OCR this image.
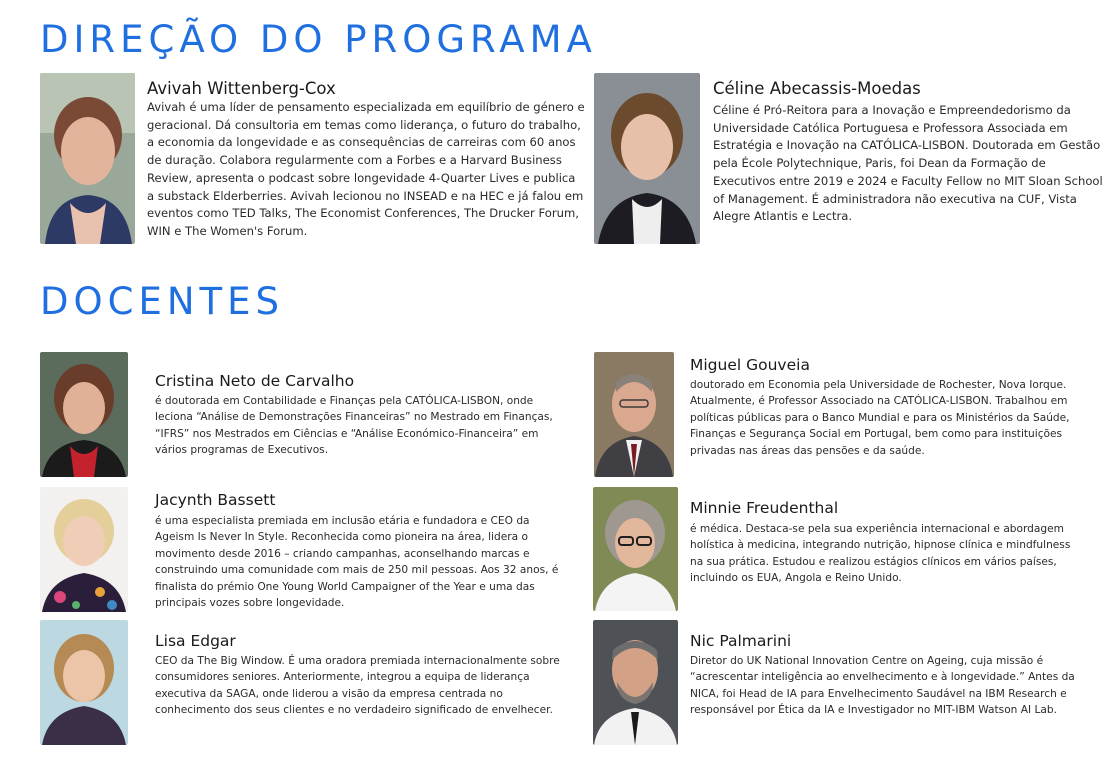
DIREÇÃO DO PROGRAMA
DOCENTES
Avivah Wittenberg-Cox

Avivah é uma líder de pensamento especializada em equilíbrio de género e geracional. Dá consultoria em temas como liderança, o futuro do trabalho, a economia da longevidade e as consequências de carreiras com 60 anos de duração. Colabora regularmente com a Forbes e a Harvard Business Review, apresenta o podcast sobre longevidade 4-Quarter Lives e publica a substack Elderberries. Avivah lecionou no INSEAD e na HEC e já falou em eventos como TED Talks, The Economist Conferences, The Drucker Forum, WIN e The Women's Forum.

Céline Abecassis-Moedas

Céline é Pró-Reitora para a Inovação e Empreendedorismo da Universidade Católica Portuguesa e Professora Associada em Estratégia e Inovação na CATÓLICA-LISBON. Doutorada em Gestão pela École Polytechnique, Paris, foi Dean da Formação de Executivos entre 2019 e 2024 e Faculty Fellow no MIT Sloan School of Management. É administradora não executiva na CUF, Vista Alegre Atlantis e Lectra.

Cristina Neto de Carvalho

é doutorada em Contabilidade e Finanças pela CATÓLICA-LISBON, onde leciona “Análise de Demonstrações Financeiras” no Mestrado em Finanças, “IFRS” nos Mestrados em Ciências e “Análise Económico-Financeira” em vários programas de Executivos.

Miguel Gouveia

doutorado em Economia pela Universidade de Rochester, Nova Iorque. Atualmente, é Professor Associado na CATÓLICA-LISBON. Trabalhou em políticas públicas para o Banco Mundial e para os Ministérios da Saúde, Finanças e Segurança Social em Portugal, bem como para instituições privadas nas áreas das pensões e da saúde.

Jacynth Bassett

é uma especialista premiada em inclusão etária e fundadora e CEO da Ageism Is Never In Style. Reconhecida como pioneira na área, lidera o movimento desde 2016 – criando campanhas, aconselhando marcas e construindo uma comunidade com mais de 250 mil pessoas. Aos 32 anos, é finalista do prémio One Young World Campaigner of the Year e uma das principais vozes sobre longevidade.

Minnie Freudenthal

é médica. Destaca-se pela sua experiência internacional e abordagem holística à medicina, integrando nutrição, hipnose clínica e mindfulness na sua prática. Estudou e realizou estágios clínicos em vários países, incluindo os EUA, Angola e Reino Unido.

Lisa Edgar

CEO da The Big Window. É uma oradora premiada internacionalmente sobre consumidores seniores. Anteriormente, integrou a equipa de liderança executiva da SAGA, onde liderou a visão da empresa centrada no conhecimento dos seus clientes e no verdadeiro significado de envelhecer.

Nic Palmarini

Diretor do UK National Innovation Centre on Ageing, cuja missão é “acrescentar inteligência ao envelhecimento e à longevidade.” Antes da NICA, foi Head de IA para Envelhecimento Saudável na IBM Research e responsável por Ética da IA e Investigador no MIT-IBM Watson AI Lab.
